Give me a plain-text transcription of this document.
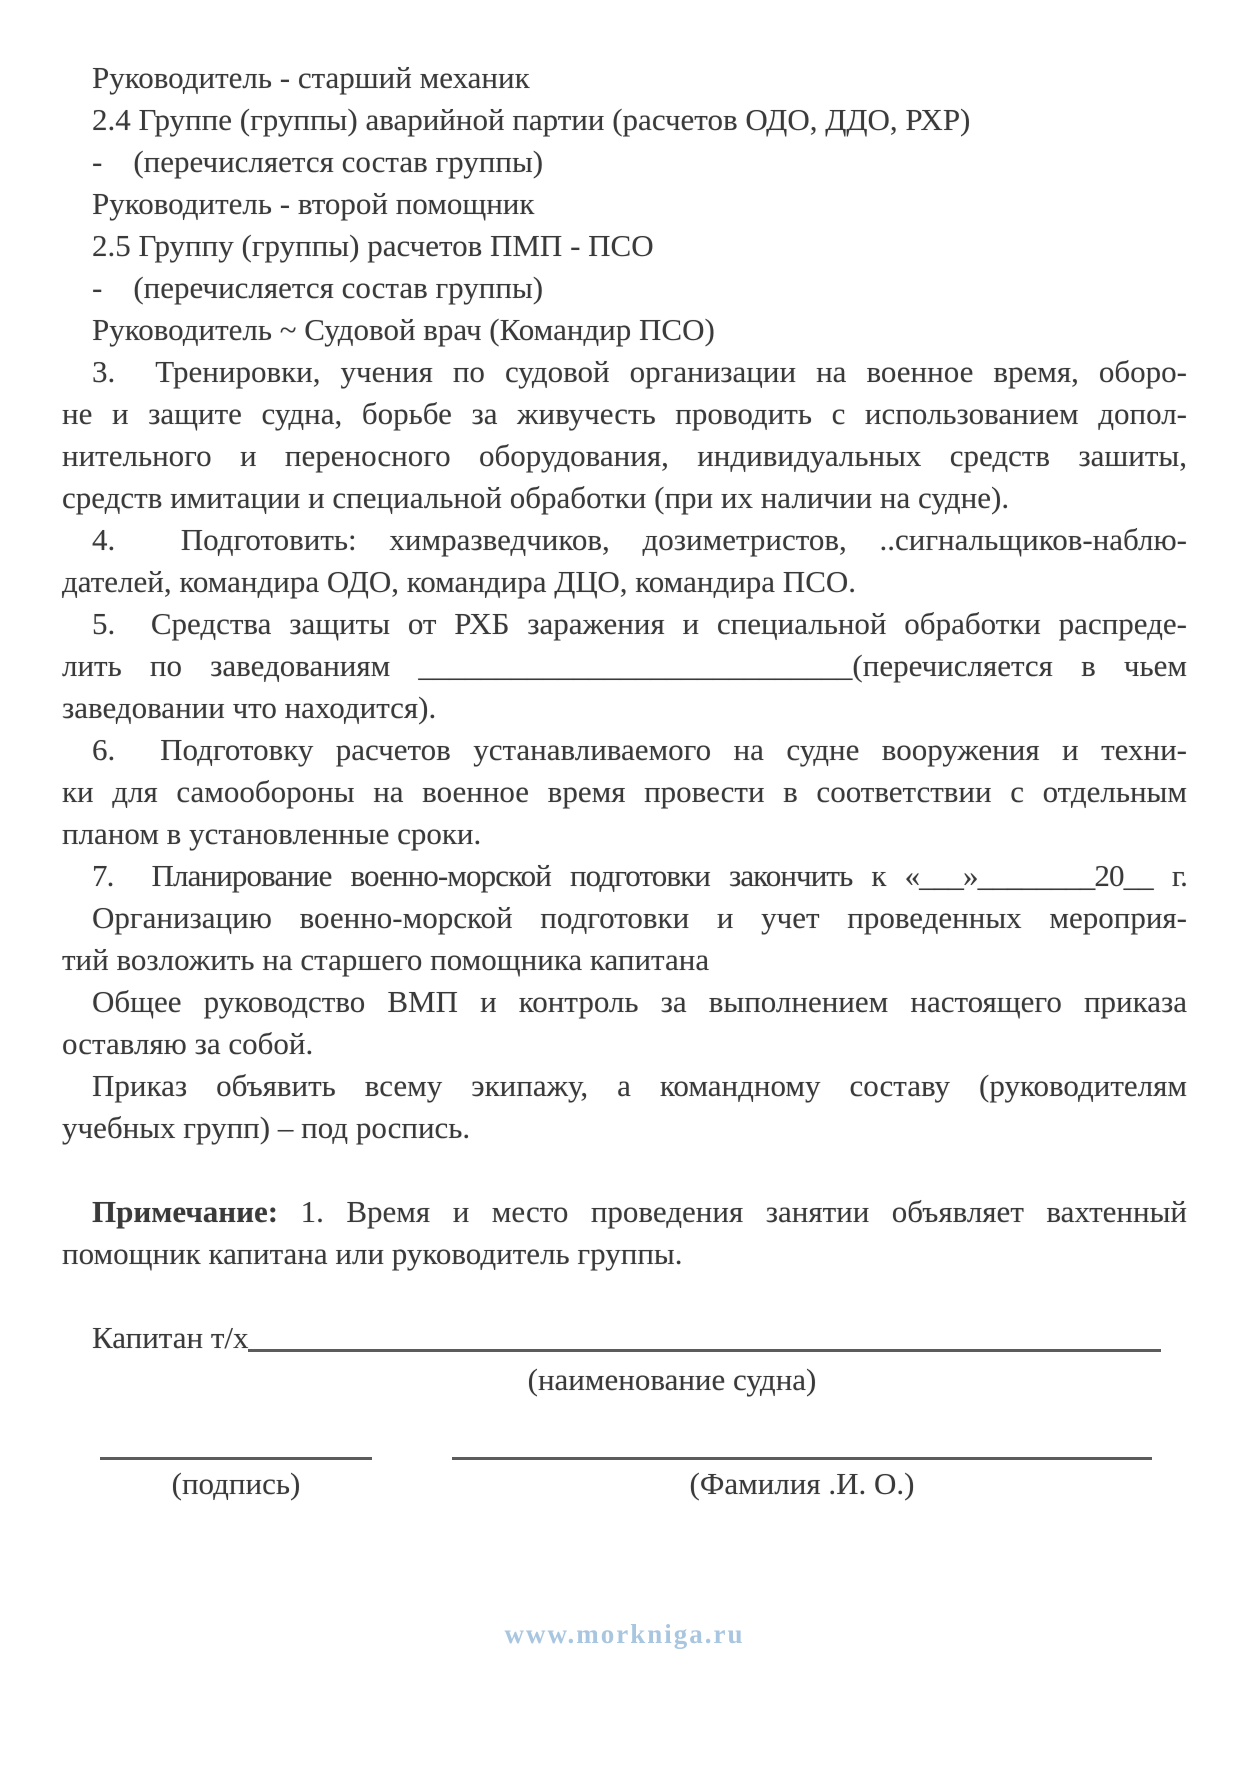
Руководитель - старший механик
2.4 Группе (группы) аварийной партии (расчетов ОДО, ДДО, РХР)
-    (перечисляется состав группы)
Руководитель - второй помощник
2.5 Группу (группы) расчетов ПМП - ПСО
-    (перечисляется состав группы)
Руководитель ~ Судовой врач (Командир ПСО)
3.  Тренировки, учения по судовой организации на военное время, оборо-
не и защите судна, борьбе за живучесть проводить с использованием допол-
нительного и переносного оборудования, индивидуальных средств зашиты,
средств имитации и специальной обработки (при их наличии на судне).
4.  Подготовить: химразведчиков, дозиметристов, ..сигнальщиков-наблю-
дателей, командира ОДО, командира ДЦО, командира ПСО.
5.  Средства защиты от РХБ заражения и специальной обработки распреде-
лить по заведованиям ____________________________(перечисляется в чьем
заведовании что находится).
6.  Подготовку расчетов устанавливаемого на судне вооружения и техни-
ки для самообороны на военное время провести в соответствии с отдельным
планом в установленные сроки.
7.  Планирование военно-морской подготовки закончить к «___»________20__ г.
Организацию военно-морской подготовки и учет проведенных мероприя-
тий возложить на старшего помощника капитана
Общее руководство ВМП и контроль за выполнением настоящего приказа
оставляю за собой.
Приказ объявить всему экипажу, а командному составу (руководителям
учебных групп) – под роспись.
Примечание: 1. Время и место проведения занятии объявляет вахтенный
помощник капитана или руководитель группы.
Капитан т/х
(наименование судна)
(подпись)	(Фамилия .И. О.)
www.morkniga.ru
